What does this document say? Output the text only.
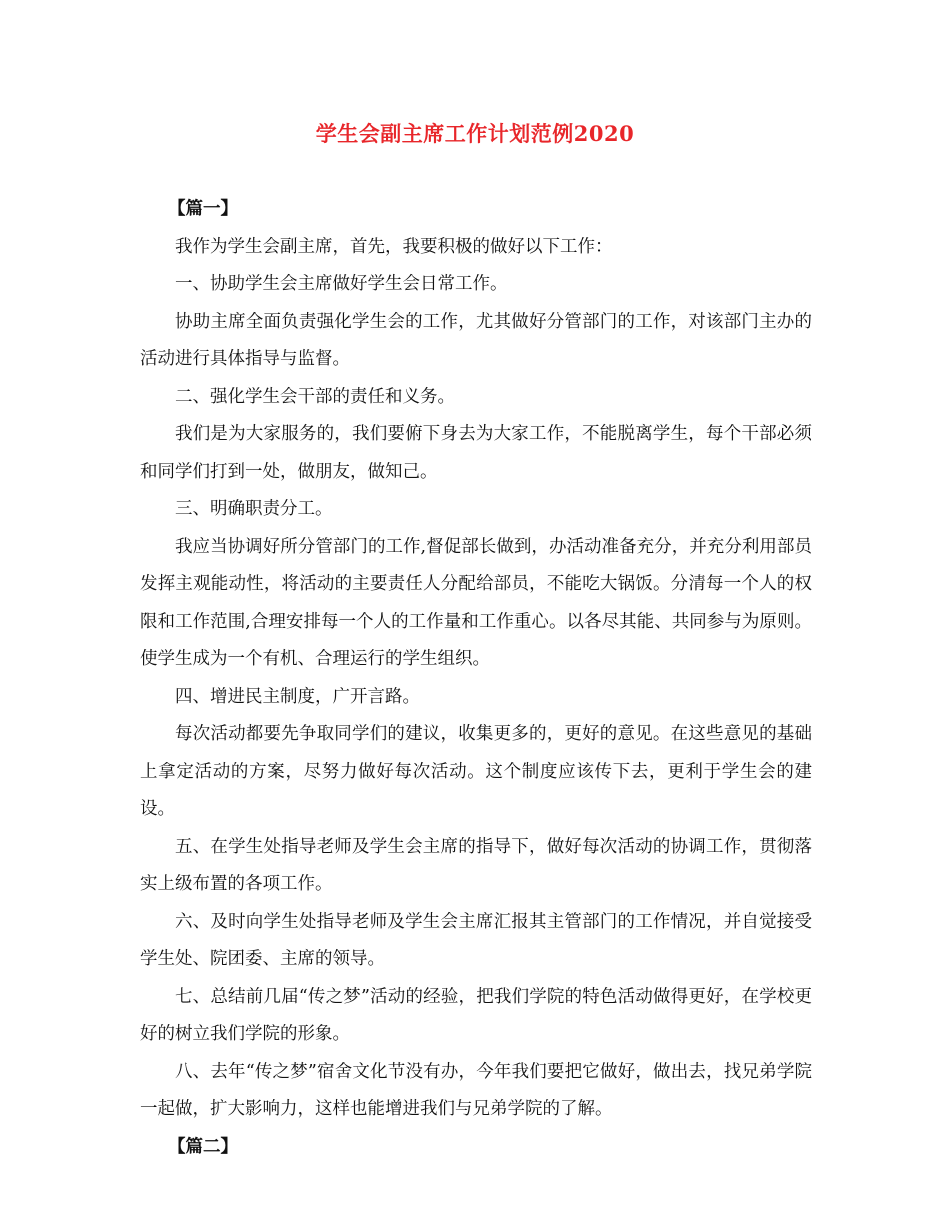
学生会副主席工作计划范例2020

【篇一】

我作为学生会副主席，首先，我要积极的做好以下工作：

一、协助学生会主席做好学生会日常工作。

协助主席全面负责强化学生会的工作，尤其做好分管部门的工作，对该部门主办的活动进行具体指导与监督。

二、强化学生会干部的责任和义务。

我们是为大家服务的，我们要俯下身去为大家工作，不能脱离学生，每个干部必须和同学们打到一处，做朋友，做知己。

三、明确职责分工。

我应当协调好所分管部门的工作,督促部长做到，办活动准备充分，并充分利用部员发挥主观能动性，将活动的主要责任人分配给部员，不能吃大锅饭。分清每一个人的权限和工作范围,合理安排每一个人的工作量和工作重心。以各尽其能、共同参与为原则。使学生成为一个有机、合理运行的学生组织。

四、增进民主制度，广开言路。

每次活动都要先争取同学们的建议，收集更多的，更好的意见。在这些意见的基础上拿定活动的方案，尽努力做好每次活动。这个制度应该传下去，更利于学生会的建设。

五、在学生处指导老师及学生会主席的指导下，做好每次活动的协调工作，贯彻落实上级布置的各项工作。

六、及时向学生处指导老师及学生会主席汇报其主管部门的工作情况，并自觉接受学生处、院团委、主席的领导。

七、总结前几届“传之梦”活动的经验，把我们学院的特色活动做得更好，在学校更好的树立我们学院的形象。

八、去年“传之梦”宿舍文化节没有办，今年我们要把它做好，做出去，找兄弟学院一起做，扩大影响力，这样也能增进我们与兄弟学院的了解。

【篇二】
